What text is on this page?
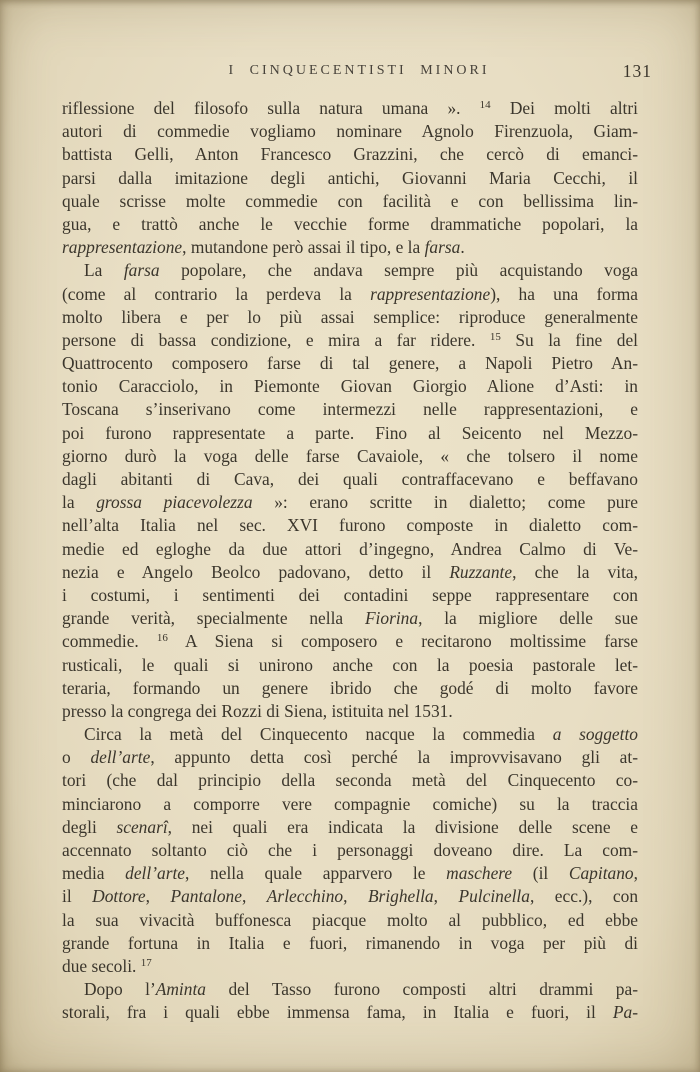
I CINQUECENTISTI MINORI	131
riflessione del filosofo sulla natura umana ». $^{14}$ Dei molti altri
autori di commedie vogliamo nominare Agnolo Firenzuola, Giam-
battista Gelli, Anton Francesco Grazzini, che cercò di emanci-
parsi dalla imitazione degli antichi, Giovanni Maria Cecchi, il
quale scrisse molte commedie con facilità e con bellissima lin-
gua, e trattò anche le vecchie forme drammatiche popolari, la
rappresentazione, mutandone però assai il tipo, e la farsa.
La farsa popolare, che andava sempre più acquistando voga
(come al contrario la perdeva la rappresentazione), ha una forma
molto libera e per lo più assai semplice: riproduce generalmente
persone di bassa condizione, e mira a far ridere. $^{15}$ Su la fine del
Quattrocento composero farse di tal genere, a Napoli Pietro An-
tonio Caracciolo, in Piemonte Giovan Giorgio Alione d’Asti: in
Toscana s’inserivano come intermezzi nelle rappresentazioni, e
poi furono rappresentate a parte. Fino al Seicento nel Mezzo-
giorno durò la voga delle farse Cavaiole, « che tolsero il nome
dagli abitanti di Cava, dei quali contraffacevano e beffavano
la grossa piacevolezza »: erano scritte in dialetto; come pure
nell’alta Italia nel sec. XVI furono composte in dialetto com-
medie ed egloghe da due attori d’ingegno, Andrea Calmo di Ve-
nezia e Angelo Beolco padovano, detto il Ruzzante, che la vita,
i costumi, i sentimenti dei contadini seppe rappresentare con
grande verità, specialmente nella Fiorina, la migliore delle sue
commedie. $^{16}$ A Siena si composero e recitarono moltissime farse
rusticali, le quali si unirono anche con la poesia pastorale let-
teraria, formando un genere ibrido che godé di molto favore
presso la congrega dei Rozzi di Siena, istituita nel 1531.
Circa la metà del Cinquecento nacque la commedia a soggetto
o dell’arte, appunto detta così perché la improvvisavano gli at-
tori (che dal principio della seconda metà del Cinquecento co-
minciarono a comporre vere compagnie comiche) su la traccia
degli scenarî, nei quali era indicata la divisione delle scene e
accennato soltanto ciò che i personaggi doveano dire. La com-
media dell’arte, nella quale apparvero le maschere (il Capitano,
il Dottore, Pantalone, Arlecchino, Brighella, Pulcinella, ecc.), con
la sua vivacità buffonesca piacque molto al pubblico, ed ebbe
grande fortuna in Italia e fuori, rimanendo in voga per più di
due secoli. $^{17}$
Dopo l’Aminta del Tasso furono composti altri drammi pa-
storali, fra i quali ebbe immensa fama, in Italia e fuori, il Pa-
